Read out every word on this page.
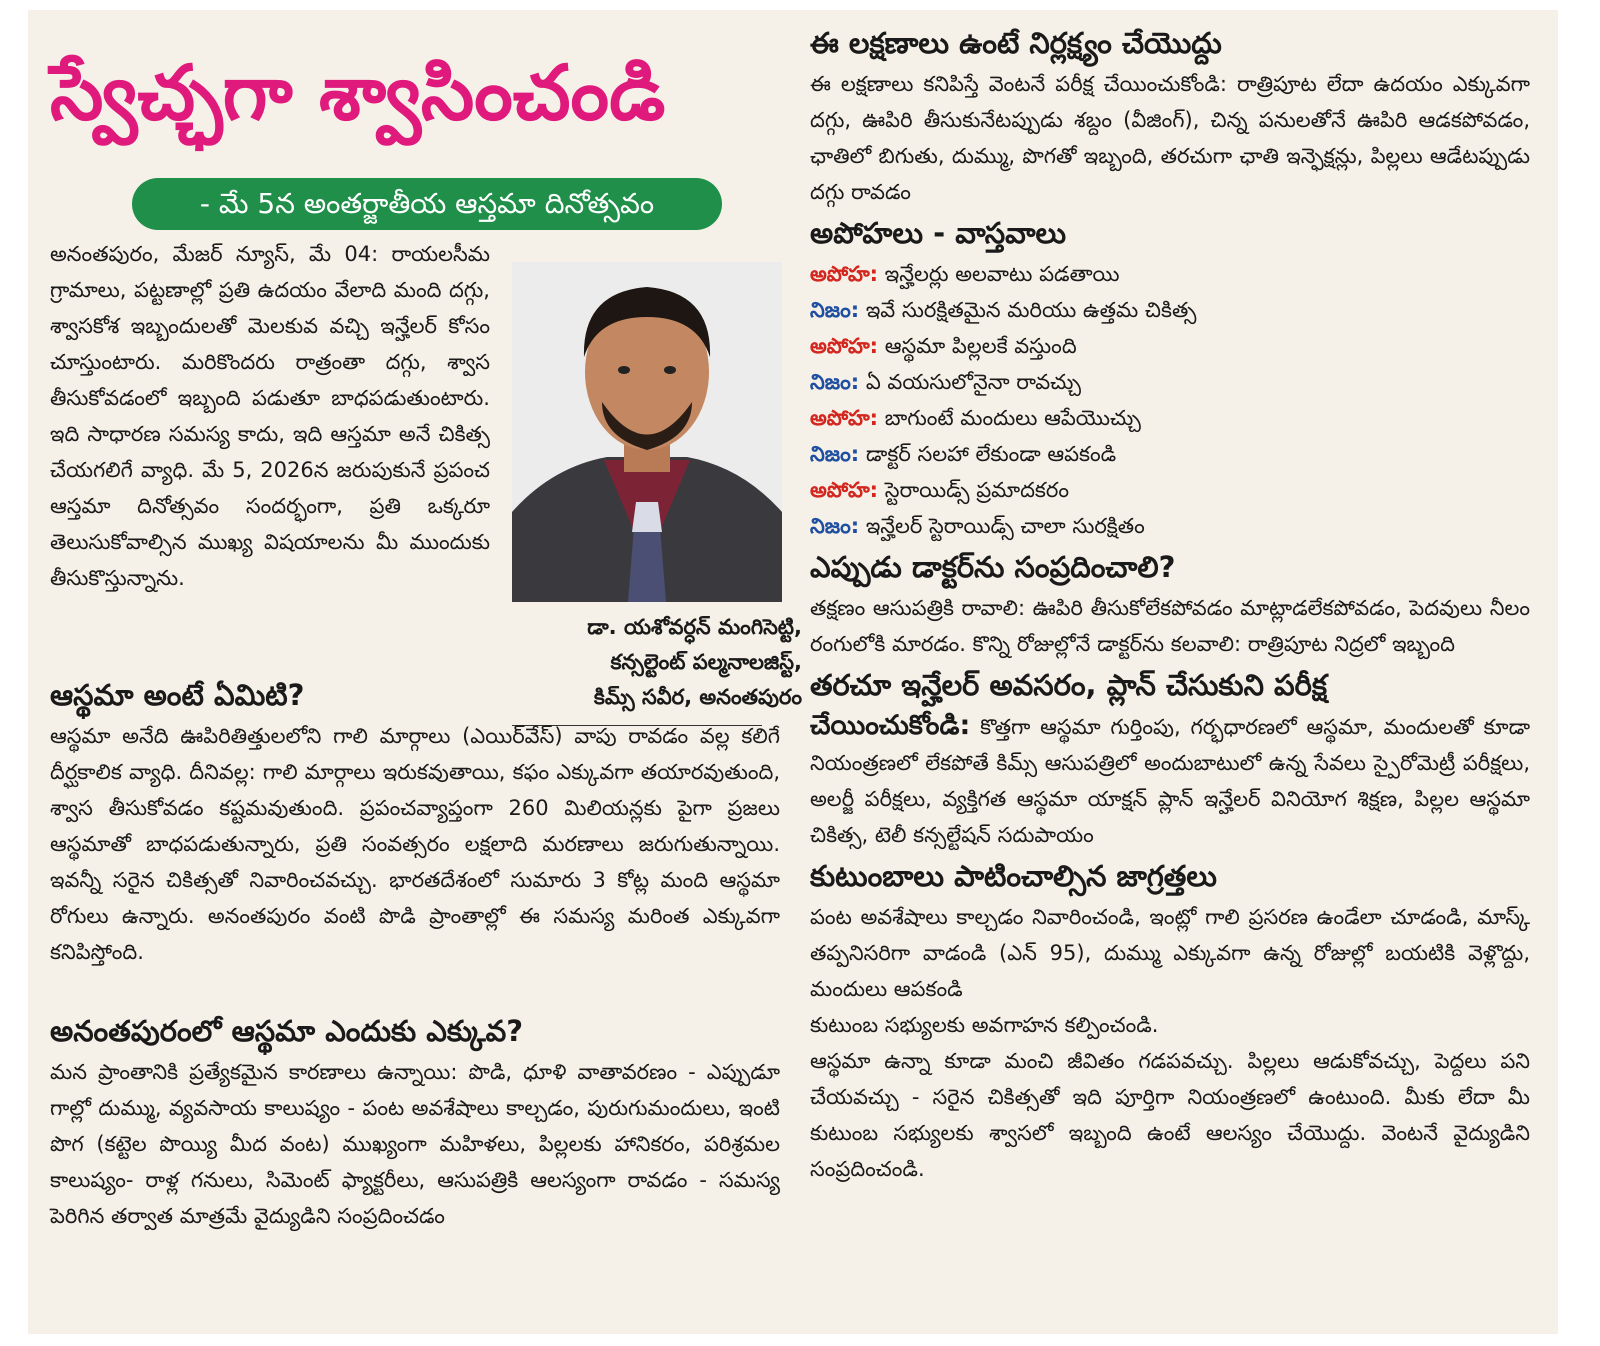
స్వేచ్ఛగా శ్వాసించండి
- మే 5న అంతర్జాతీయ ఆస్తమా దినోత్సవం

అనంతపురం, మేజర్ న్యూస్, మే 04: రాయలసీమ గ్రామాలు, పట్టణాల్లో ప్రతి ఉదయం వేలాది మంది దగ్గు, శ్వాసకోశ ఇబ్బందులతో మెలకువ వచ్చి ఇన్హేలర్ కోసం చూస్తుంటారు. మరికొందరు రాత్రంతా దగ్గు, శ్వాస తీసుకోవడంలో ఇబ్బంది పడుతూ బాధపడుతుంటారు. ఇది సాధారణ సమస్య కాదు, ఇది ఆస్తమా అనే చికిత్స చేయగలిగే వ్యాధి. మే 5, 2026న జరుపుకునే ప్రపంచ ఆస్తమా దినోత్సవం సందర్భంగా, ప్రతి ఒక్కరూ తెలుసుకోవాల్సిన ముఖ్య విషయాలను మీ ముందుకు తీసుకొస్తున్నాను.

డా. యశోవర్ధన్ మంగిసెట్టి,
కన్సల్టెంట్ పల్మనాలజిస్ట్,
కిమ్స్ సవీర, అనంతపురం
ఆస్థమా అంటే ఏమిటి?

ఆస్థమా అనేది ఊపిరితిత్తులలోని గాలి మార్గాలు (ఎయిర్‌వేస్) వాపు రావడం వల్ల కలిగే దీర్ఘకాలిక వ్యాధి. దీనివల్ల: గాలి మార్గాలు ఇరుకవుతాయి, కఫం ఎక్కువగా తయారవుతుంది, శ్వాస తీసుకోవడం కష్టమవుతుంది. ప్రపంచవ్యాప్తంగా 260 మిలియన్లకు పైగా ప్రజలు ఆస్థమాతో బాధపడుతున్నారు, ప్రతి సంవత్సరం లక్షలాది మరణాలు జరుగుతున్నాయి. ఇవన్నీ సరైన చికిత్సతో నివారించవచ్చు. భారతదేశంలో సుమారు 3 కోట్ల మంది ఆస్థమా రోగులు ఉన్నారు. అనంతపురం వంటి పొడి ప్రాంతాల్లో ఈ సమస్య మరింత ఎక్కువగా కనిపిస్తోంది.

అనంతపురంలో ఆస్థమా ఎందుకు ఎక్కువ?

మన ప్రాంతానికి ప్రత్యేకమైన కారణాలు ఉన్నాయి: పొడి, ధూళి వాతావరణం - ఎప్పుడూ గాల్లో దుమ్ము, వ్యవసాయ కాలుష్యం - పంట అవశేషాలు కాల్చడం, పురుగుమందులు, ఇంటి పొగ (కట్టెల పొయ్యి మీద వంట) ముఖ్యంగా మహిళలు, పిల్లలకు హానికరం, పరిశ్రమల కాలుష్యం- రాళ్ల గనులు, సిమెంట్ ఫ్యాక్టరీలు, ఆసుపత్రికి ఆలస్యంగా రావడం - సమస్య పెరిగిన తర్వాత మాత్రమే వైద్యుడిని సంప్రదించడం

ఈ లక్షణాలు ఉంటే నిర్లక్ష్యం చేయొద్దు

ఈ లక్షణాలు కనిపిస్తే వెంటనే పరీక్ష చేయించుకోండి: రాత్రిపూట లేదా ఉదయం ఎక్కువగా దగ్గు, ఊపిరి తీసుకునేటప్పుడు శబ్దం (వీజింగ్), చిన్న పనులతోనే ఊపిరి ఆడకపోవడం, ఛాతిలో బిగుతు, దుమ్ము, పొగతో ఇబ్బంది, తరచుగా ఛాతి ఇన్ఫెక్షన్లు, పిల్లలు ఆడేటప్పుడు దగ్గు రావడం

అపోహలు - వాస్తవాలు

అపోహ: ఇన్హేలర్లు అలవాటు పడతాయి

నిజం: ఇవే సురక్షితమైన మరియు ఉత్తమ చికిత్స

అపోహ: ఆస్థమా పిల్లలకే వస్తుంది

నిజం: ఏ వయసులోనైనా రావచ్చు

అపోహ: బాగుంటే మందులు ఆపేయొచ్చు

నిజం: డాక్టర్ సలహా లేకుండా ఆపకండి

అపోహ: స్టెరాయిడ్స్ ప్రమాదకరం

నిజం: ఇన్హేలర్ స్టెరాయిడ్స్ చాలా సురక్షితం

ఎప్పుడు డాక్టర్‌ను సంప్రదించాలి?

తక్షణం ఆసుపత్రికి రావాలి: ఊపిరి తీసుకోలేకపోవడం మాట్లాడలేకపోవడం, పెదవులు నీలం రంగులోకి మారడం. కొన్ని రోజుల్లోనే డాక్టర్‌ను కలవాలి: రాత్రిపూట నిద్రలో ఇబ్బంది

తరచూ ఇన్హేలర్ అవసరం, ప్లాన్ చేసుకుని పరీక్ష

చేయించుకోండి: కొత్తగా ఆస్థమా గుర్తింపు, గర్భధారణలో ఆస్థమా, మందులతో కూడా నియంత్రణలో లేకపోతే కిమ్స్ ఆసుపత్రిలో అందుబాటులో ఉన్న సేవలు స్పైరోమెట్రీ పరీక్షలు, అలర్జీ పరీక్షలు, వ్యక్తిగత ఆస్థమా యాక్షన్ ప్లాన్ ఇన్హేలర్ వినియోగ శిక్షణ, పిల్లల ఆస్థమా చికిత్స, టెలీ కన్సల్టేషన్ సదుపాయం

కుటుంబాలు పాటించాల్సిన జాగ్రత్తలు

పంట అవశేషాలు కాల్చడం నివారించండి, ఇంట్లో గాలి ప్రసరణ ఉండేలా చూడండి, మాస్క్ తప్పనిసరిగా వాడండి (ఎన్ 95), దుమ్ము ఎక్కువగా ఉన్న రోజుల్లో బయటికి వెళ్లొద్దు, మందులు ఆపకండి

కుటుంబ సభ్యులకు అవగాహన కల్పించండి.

ఆస్థమా ఉన్నా కూడా మంచి జీవితం గడపవచ్చు. పిల్లలు ఆడుకోవచ్చు, పెద్దలు పని చేయవచ్చు - సరైన చికిత్సతో ఇది పూర్తిగా నియంత్రణలో ఉంటుంది. మీకు లేదా మీ కుటుంబ సభ్యులకు శ్వాసలో ఇబ్బంది ఉంటే ఆలస్యం చేయొద్దు. వెంటనే వైద్యుడిని సంప్రదించండి.
